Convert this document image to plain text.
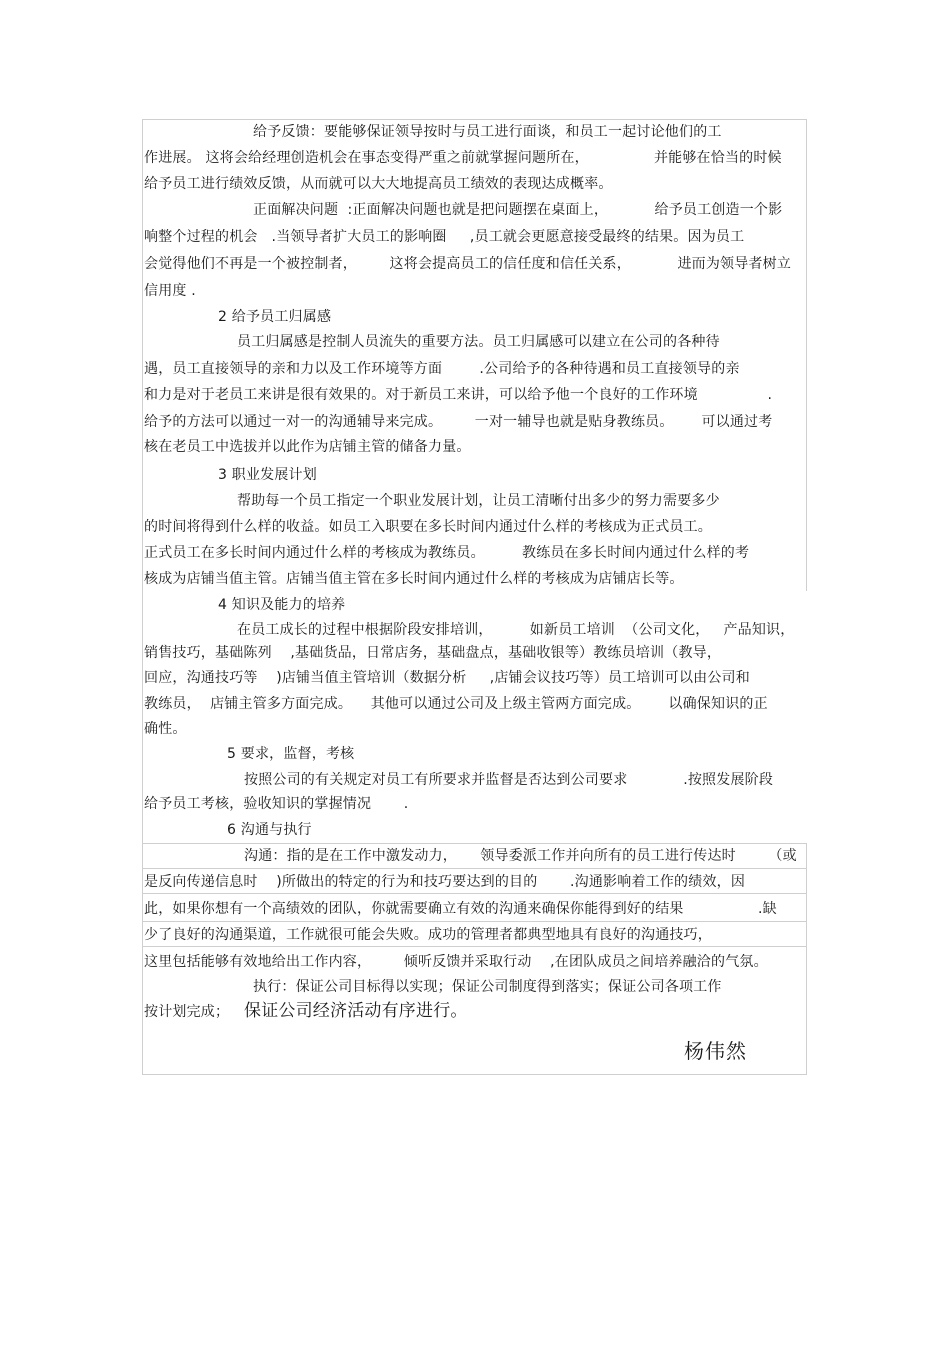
给予反馈：要能够保证领导按时与员工进行面谈，和员工一起讨论他们的工
作进展。 这将会给经理创造机会在事态变得严重之前就掌握问题所在，              并能够在恰当的时候
给予员工进行绩效反馈，从而就可以大大地提高员工绩效的表现达成概率。
正面解决问题  :正面解决问题也就是把问题摆在桌面上，          给予员工创造一个影
响整个过程的机会   .当领导者扩大员工的影响圈     ,员工就会更愿意接受最终的结果。因为员工
会觉得他们不再是一个被控制者，       这将会提高员工的信任度和信任关系，          进而为领导者树立
信用度 .
2 给予员工归属感
员工归属感是控制人员流失的重要方法。员工归属感可以建立在公司的各种待
遇，员工直接领导的亲和力以及工作环境等方面        .公司给予的各种待遇和员工直接领导的亲
和力是对于老员工来讲是很有效果的。对于新员工来讲，可以给予他一个良好的工作环境               .
给予的方法可以通过一对一的沟通辅导来完成。       一对一辅导也就是贴身教练员。      可以通过考
核在老员工中选拔并以此作为店铺主管的储备力量。
3 职业发展计划
帮助每一个员工指定一个职业发展计划，让员工清晰付出多少的努力需要多少
的时间将得到什么样的收益。如员工入职要在多长时间内通过什么样的考核成为正式员工。
正式员工在多长时间内通过什么样的考核成为教练员。        教练员在多长时间内通过什么样的考
核成为店铺当值主管。店铺当值主管在多长时间内通过什么样的考核成为店铺店长等。
4 知识及能力的培养
在员工成长的过程中根据阶段安排培训，        如新员工培训  （公司文化，   产品知识，
销售技巧，基础陈列    ,基础货品，日常店务，基础盘点，基础收银等）教练员培训（教导，
回应，沟通技巧等    )店铺当值主管培训（数据分析     ,店铺会议技巧等）员工培训可以由公司和
教练员，  店铺主管多方面完成。    其他可以通过公司及上级主管两方面完成。      以确保知识的正
确性。
5 要求，监督，考核
按照公司的有关规定对员工有所要求并监督是否达到公司要求            .按照发展阶段
给予员工考核，验收知识的掌握情况       .
6 沟通与执行
沟通：指的是在工作中激发动力，     领导委派工作并向所有的员工进行传达时       （或
是反向传递信息时    )所做出的特定的行为和技巧要达到的目的       .沟通影响着工作的绩效，因
此，如果你想有一个高绩效的团队，你就需要确立有效的沟通来确保你能得到好的结果                .缺
少了良好的沟通渠道，工作就很可能会失败。成功的管理者都典型地具有良好的沟通技巧，
这里包括能够有效地给出工作内容，       倾听反馈并采取行动    ,在团队成员之间培养融洽的气氛。
执行：保证公司目标得以实现；保证公司制度得到落实；保证公司各项工作
按计划完成； 保证公司经济活动有序进行。
杨伟然
